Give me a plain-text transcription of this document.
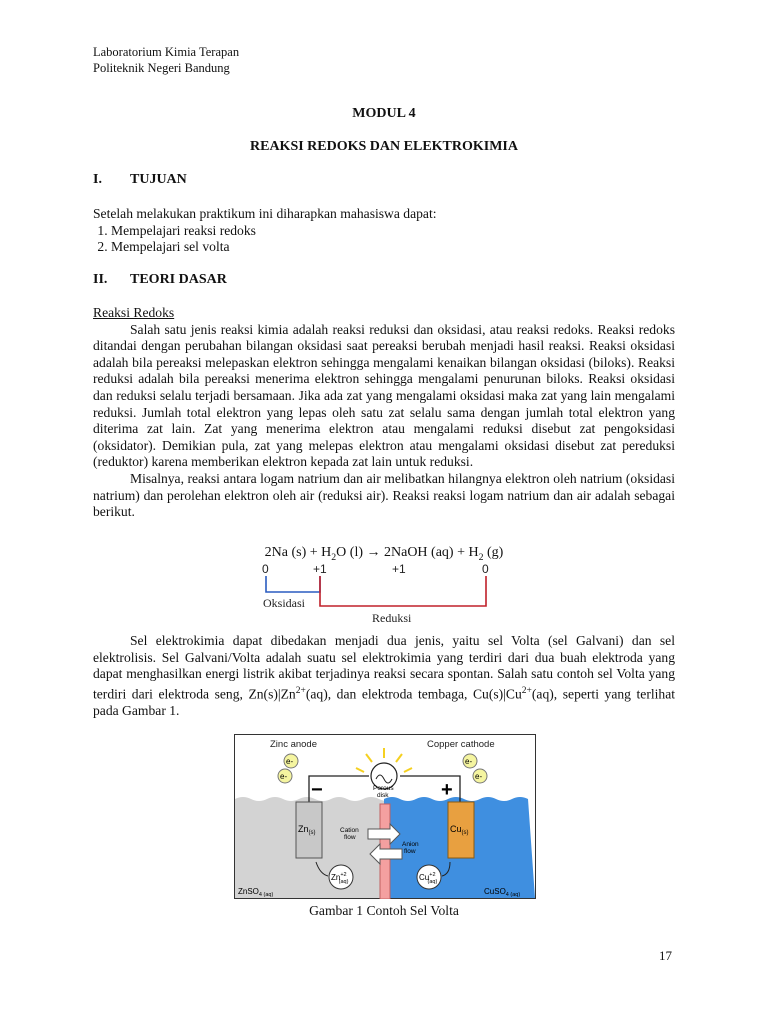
Laboratorium Kimia Terapan
Politeknik Negeri Bandung
MODUL 4
REAKSI REDOKS DAN ELEKTROKIMIA
I. TUJUAN

Setelah melakukan praktikum ini diharapkan mahasiswa dapat:

1. Mempelajari reaksi redoks
2. Mempelajari sel volta
II. TEORI DASAR

Reaksi Redoks

Salah satu jenis reaksi kimia adalah reaksi reduksi dan oksidasi, atau reaksi redoks. Reaksi redoks ditandai dengan perubahan bilangan oksidasi saat pereaksi berubah menjadi hasil reaksi. Reaksi oksidasi adalah bila pereaksi melepaskan elektron sehingga mengalami kenaikan bilangan oksidasi (biloks). Reaksi reduksi adalah bila pereaksi menerima elektron sehingga mengalami penurunan biloks. Reaksi oksidasi dan reduksi selalu terjadi bersamaan. Jika ada zat yang mengalami oksidasi maka zat yang lain mengalami reduksi. Jumlah total elektron yang lepas oleh satu zat selalu sama dengan jumlah total elektron yang diterima zat lain. Zat yang menerima elektron atau mengalami reduksi disebut zat pengoksidasi (oksidator). Demikian pula, zat yang melepas elektron atau mengalami oksidasi disebut zat pereduksi (reduktor) karena memberikan elektron kepada zat lain untuk reduksi.

Misalnya, reaksi antara logam natrium dan air melibatkan hilangnya elektron oleh natrium (oksidasi natrium) dan perolehan elektron oleh air (reduksi air). Reaksi reaksi logam natrium dan air adalah sebagai berikut.

2Na $(s) + H_2O$ (l) → 2NaOH $(aq) + H_2$ (g)
0	+1	+1	0
Oksidasi
Reduksi

Sel elektrokimia dapat dibedakan menjadi dua jenis, yaitu sel Volta (sel Galvani) dan sel elektrolisis. Sel Galvani/Volta adalah suatu sel elektrokimia yang terdiri dari dua buah elektroda yang dapat menghasilkan energi listrik akibat terjadinya reaksi secara spontan. Salah satu contoh sel Volta yang terdiri dari elektroda seng, $Zn(s)|Zn^{2+}(aq)$, dan elektroda tembaga, $Cu(s)|Cu^{2+}(aq)$, seperti yang terlihat pada Gambar 1.

Zinc anode	Copper cathode
e-
e-
e-
e-
−	+
$Zn_{(s)}$	$Cu_{(s)}$
Porous
disk
Cation
flow
Anion
flow
$Zn^{+2}$ (aq)	$Cu^{+2}$ (aq)
ZnSO$_{4 (aq)}$	CuSO$_{4 (aq)}$
Gambar 1 Contoh Sel Volta
17
